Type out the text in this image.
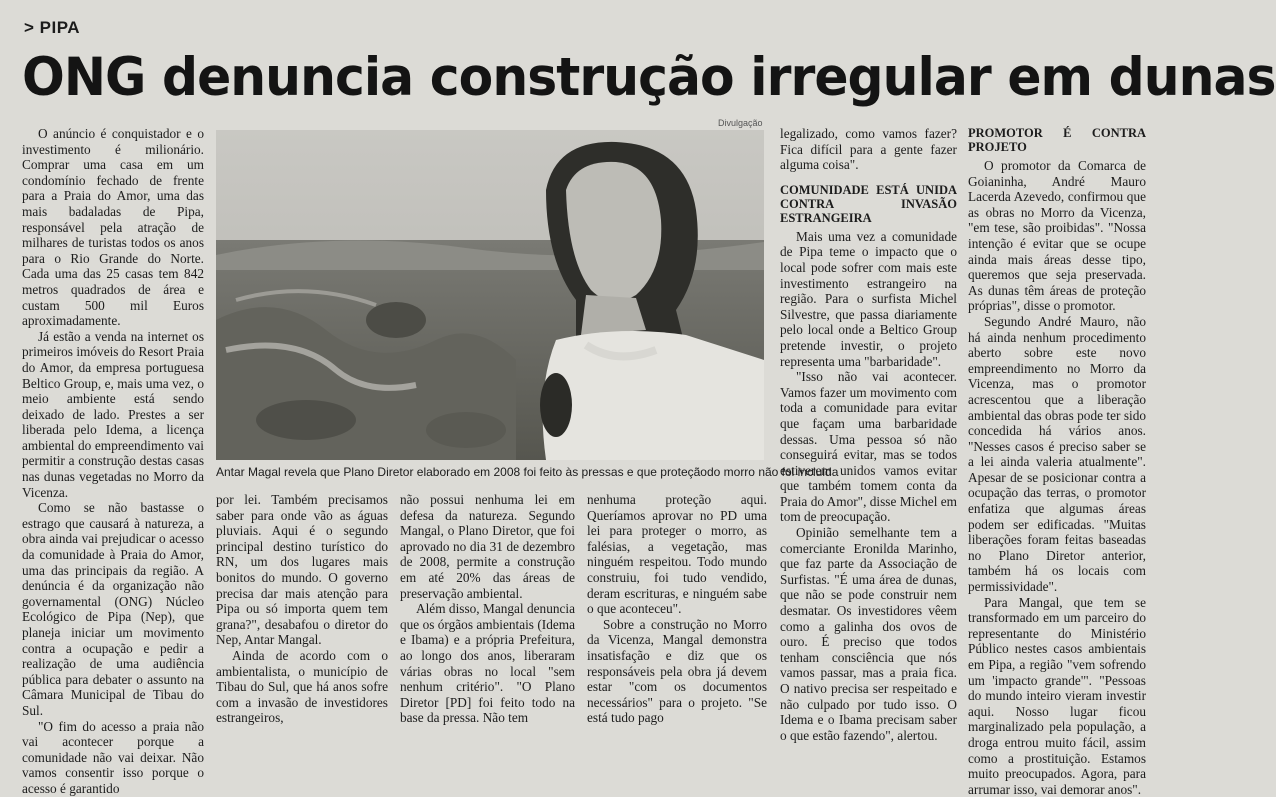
> PIPA
ONG denuncia construção irregular em dunas
Divulgação
Antar Magal revela que Plano Diretor elaborado em 2008 foi feito às pressas e que proteçãodo morro não foi incluida

O anúncio é conquistador e o investimento é milionário. Comprar uma casa em um condomínio fechado de frente para a Praia do Amor, uma das mais badaladas de Pipa, responsável pela atração de milhares de turistas todos os anos para o Rio Grande do Norte. Cada uma das 25 casas tem 842 metros quadrados de área e custam 500 mil Euros aproximadamente.

Já estão a venda na internet os primeiros imóveis do Resort Praia do Amor, da empresa portuguesa Beltico Group, e, mais uma vez, o meio ambiente está sendo deixado de lado. Prestes a ser liberada pelo Idema, a licença ambiental do empreendimento vai permitir a construção destas casas nas dunas vegetadas no Morro da Vicenza.

Como se não bastasse o estrago que causará à natureza, a obra ainda vai prejudicar o acesso da comunidade à Praia do Amor, uma das principais da região. A denúncia é da organização não governamental (ONG) Núcleo Ecológico de Pipa (Nep), que planeja iniciar um movimento contra a ocupação e pedir a realização de uma audiência pública para debater o assunto na Câmara Municipal de Tibau do Sul.

"O fim do acesso a praia não vai acontecer porque a comunidade não vai deixar. Não vamos consentir isso porque o acesso é garantido

por lei. Também precisamos saber para onde vão as águas pluviais. Aqui é o segundo principal destino turístico do RN, um dos lugares mais bonitos do mundo. O governo precisa dar mais atenção para Pipa ou só importa quem tem grana?", desabafou o diretor do Nep, Antar Mangal.

Ainda de acordo com o ambientalista, o município de Tibau do Sul, que há anos sofre com a invasão de investidores estrangeiros,

não possui nenhuma lei em defesa da natureza. Segundo Mangal, o Plano Diretor, que foi aprovado no dia 31 de dezembro de 2008, permite a construção em até 20% das áreas de preservação ambiental.

Além disso, Mangal denuncia que os órgãos ambientais (Idema e Ibama) e a própria Prefeitura, ao longo dos anos, liberaram várias obras no local "sem nenhum critério". "O Plano Diretor [PD] foi feito todo na base da pressa. Não tem

nenhuma proteção aqui. Queríamos aprovar no PD uma lei para proteger o morro, as falésias, a vegetação, mas ninguém respeitou. Todo mundo construiu, foi tudo vendido, deram escrituras, e ninguém sabe o que aconteceu".

Sobre a construção no Morro da Vicenza, Mangal demonstra insatisfação e diz que os responsáveis pela obra já devem estar "com os documentos necessários" para o projeto. "Se está tudo pago

legalizado, como vamos fazer? Fica difícil para a gente fazer alguma coisa".

COMUNIDADE ESTÁ UNIDA CONTRA INVASÃO ESTRANGEIRA

Mais uma vez a comunidade de Pipa teme o impacto que o local pode sofrer com mais este investimento estrangeiro na região. Para o surfista Michel Silvestre, que passa diariamente pelo local onde a Beltico Group pretende investir, o projeto representa uma "barbaridade".

"Isso não vai acontecer. Vamos fazer um movimento com toda a comunidade para evitar que façam uma barbaridade dessas. Uma pessoa só não conseguirá evitar, mas se todos estiverem unidos vamos evitar que também tomem conta da Praia do Amor", disse Michel em tom de preocupação.

Opinião semelhante tem a comerciante Eronilda Marinho, que faz parte da Associação de Surfistas. "É uma área de dunas, que não se pode construir nem desmatar. Os investidores vêem como a galinha dos ovos de ouro. É preciso que todos tenham consciência que nós vamos passar, mas a praia fica. O nativo precisa ser respeitado e não culpado por tudo isso. O Idema e o Ibama precisam saber o que estão fazendo", alertou.

PROMOTOR É CONTRA PROJETO

O promotor da Comarca de Goianinha, André Mauro Lacerda Azevedo, confirmou que as obras no Morro da Vicenza, "em tese, são proibidas". "Nossa intenção é evitar que se ocupe ainda mais áreas desse tipo, queremos que seja preservada. As dunas têm áreas de proteção próprias", disse o promotor.

Segundo André Mauro, não há ainda nenhum procedimento aberto sobre este novo empreendimento no Morro da Vicenza, mas o promotor acrescentou que a liberação ambiental das obras pode ter sido concedida há vários anos. "Nesses casos é preciso saber se a lei ainda valeria atualmente". Apesar de se posicionar contra a ocupação das terras, o promotor enfatiza que algumas áreas podem ser edificadas. "Muitas liberações foram feitas baseadas no Plano Diretor anterior, também há os locais com permissividade".

Para Mangal, que tem se transformado em um parceiro do representante do Ministério Público nestes casos ambientais em Pipa, a região "vem sofrendo um 'impacto grande'". "Pessoas do mundo inteiro vieram investir aqui. Nosso lugar ficou marginalizado pela população, a droga entrou muito fácil, assim como a prostituição. Estamos muito preocupados. Agora, para arrumar isso, vai demorar anos".
